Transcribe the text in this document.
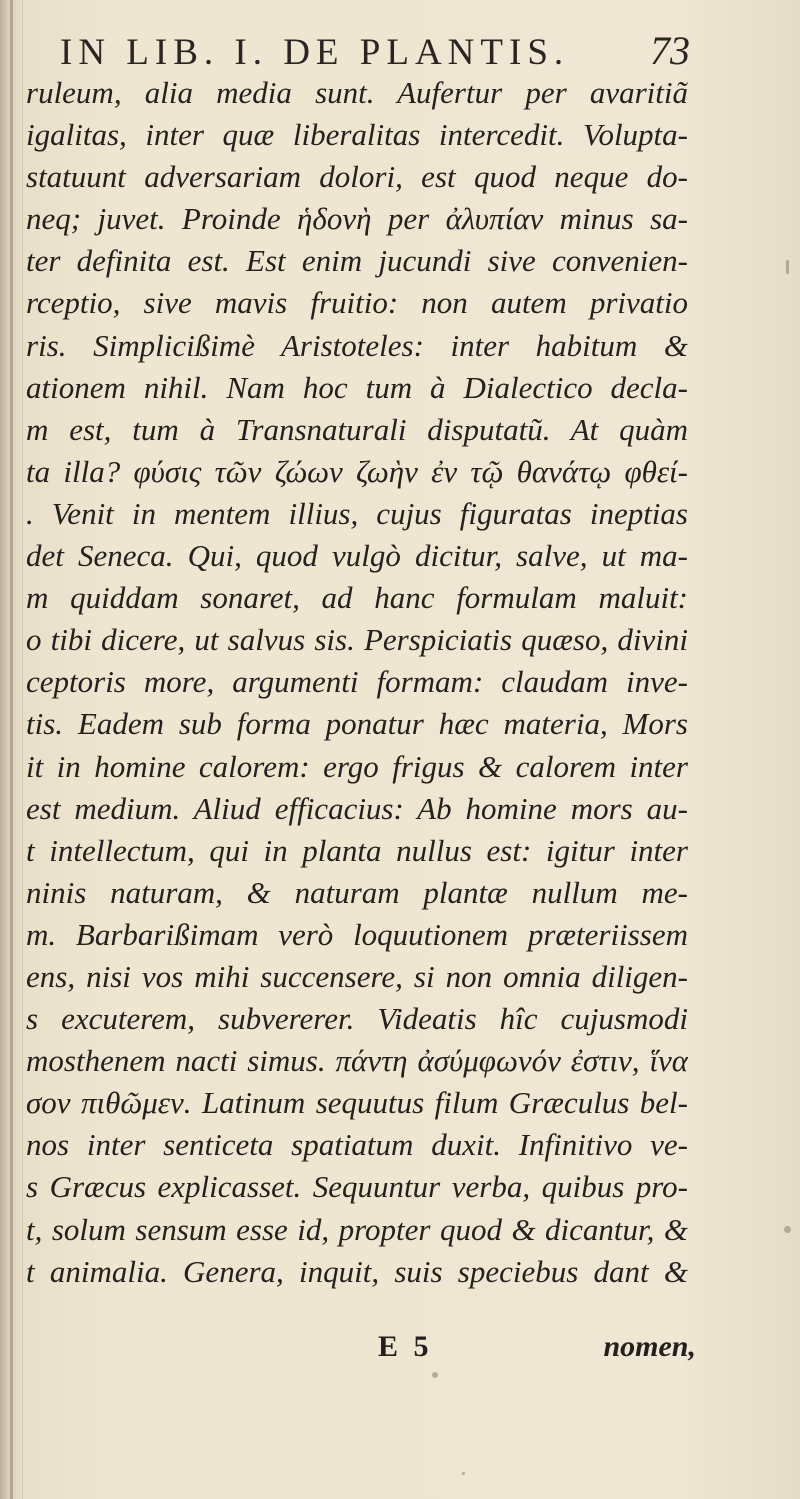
IN LIB. I. DE PLANTIS. 73
ruleum, alia media sunt. Aufertur per avaritiã
igalitas, inter quæ liberalitas intercedit. Volupta-
statuunt adversariam dolori, est quod neque do-
neq; juvet. Proinde ἡδονὴ per ἀλυπίαν minus sa-
ter definita est. Est enim jucundi sive convenien-
rceptio, sive mavis fruitio: non autem privatio
ris. Simplicißimè Aristoteles: inter habitum &
ationem nihil. Nam hoc tum à Dialectico decla-
m est, tum à Transnaturali disputatũ. At quàm
ta illa? φύσις τῶν ζώων ζωὴν ἐν τῷ θανάτῳ φθεί-
. Venit in mentem illius, cujus figuratas ineptias
det Seneca. Qui, quod vulgò dicitur, salve, ut ma-
m quiddam sonaret, ad hanc formulam maluit:
o tibi dicere, ut salvus sis. Perspiciatis quæso, divini
ceptoris more, argumenti formam: claudam inve-
tis. Eadem sub forma ponatur hæc materia, Mors
it in homine calorem: ergo frigus & calorem inter
est medium. Aliud efficacius: Ab homine mors au-
t intellectum, qui in planta nullus est: igitur inter
ninis naturam, & naturam plantæ nullum me-
m. Barbarißimam verò loquutionem præteriissem
ens, nisi vos mihi succensere, si non omnia diligen-
s excuterem, subvererer. Videatis hîc cujusmodi
mosthenem nacti simus. πάντη ἀσύμφωνόν ἐστιν, ἵνα
σον πιθῶμεν. Latinum sequutus filum Græculus bel-
nos inter senticeta spatiatum duxit. Infinitivo ve-
s Græcus explicasset. Sequuntur verba, quibus pro-
t, solum sensum esse id, propter quod & dicantur, &
t animalia. Genera, inquit, suis speciebus dant &
E 5	nomen,
